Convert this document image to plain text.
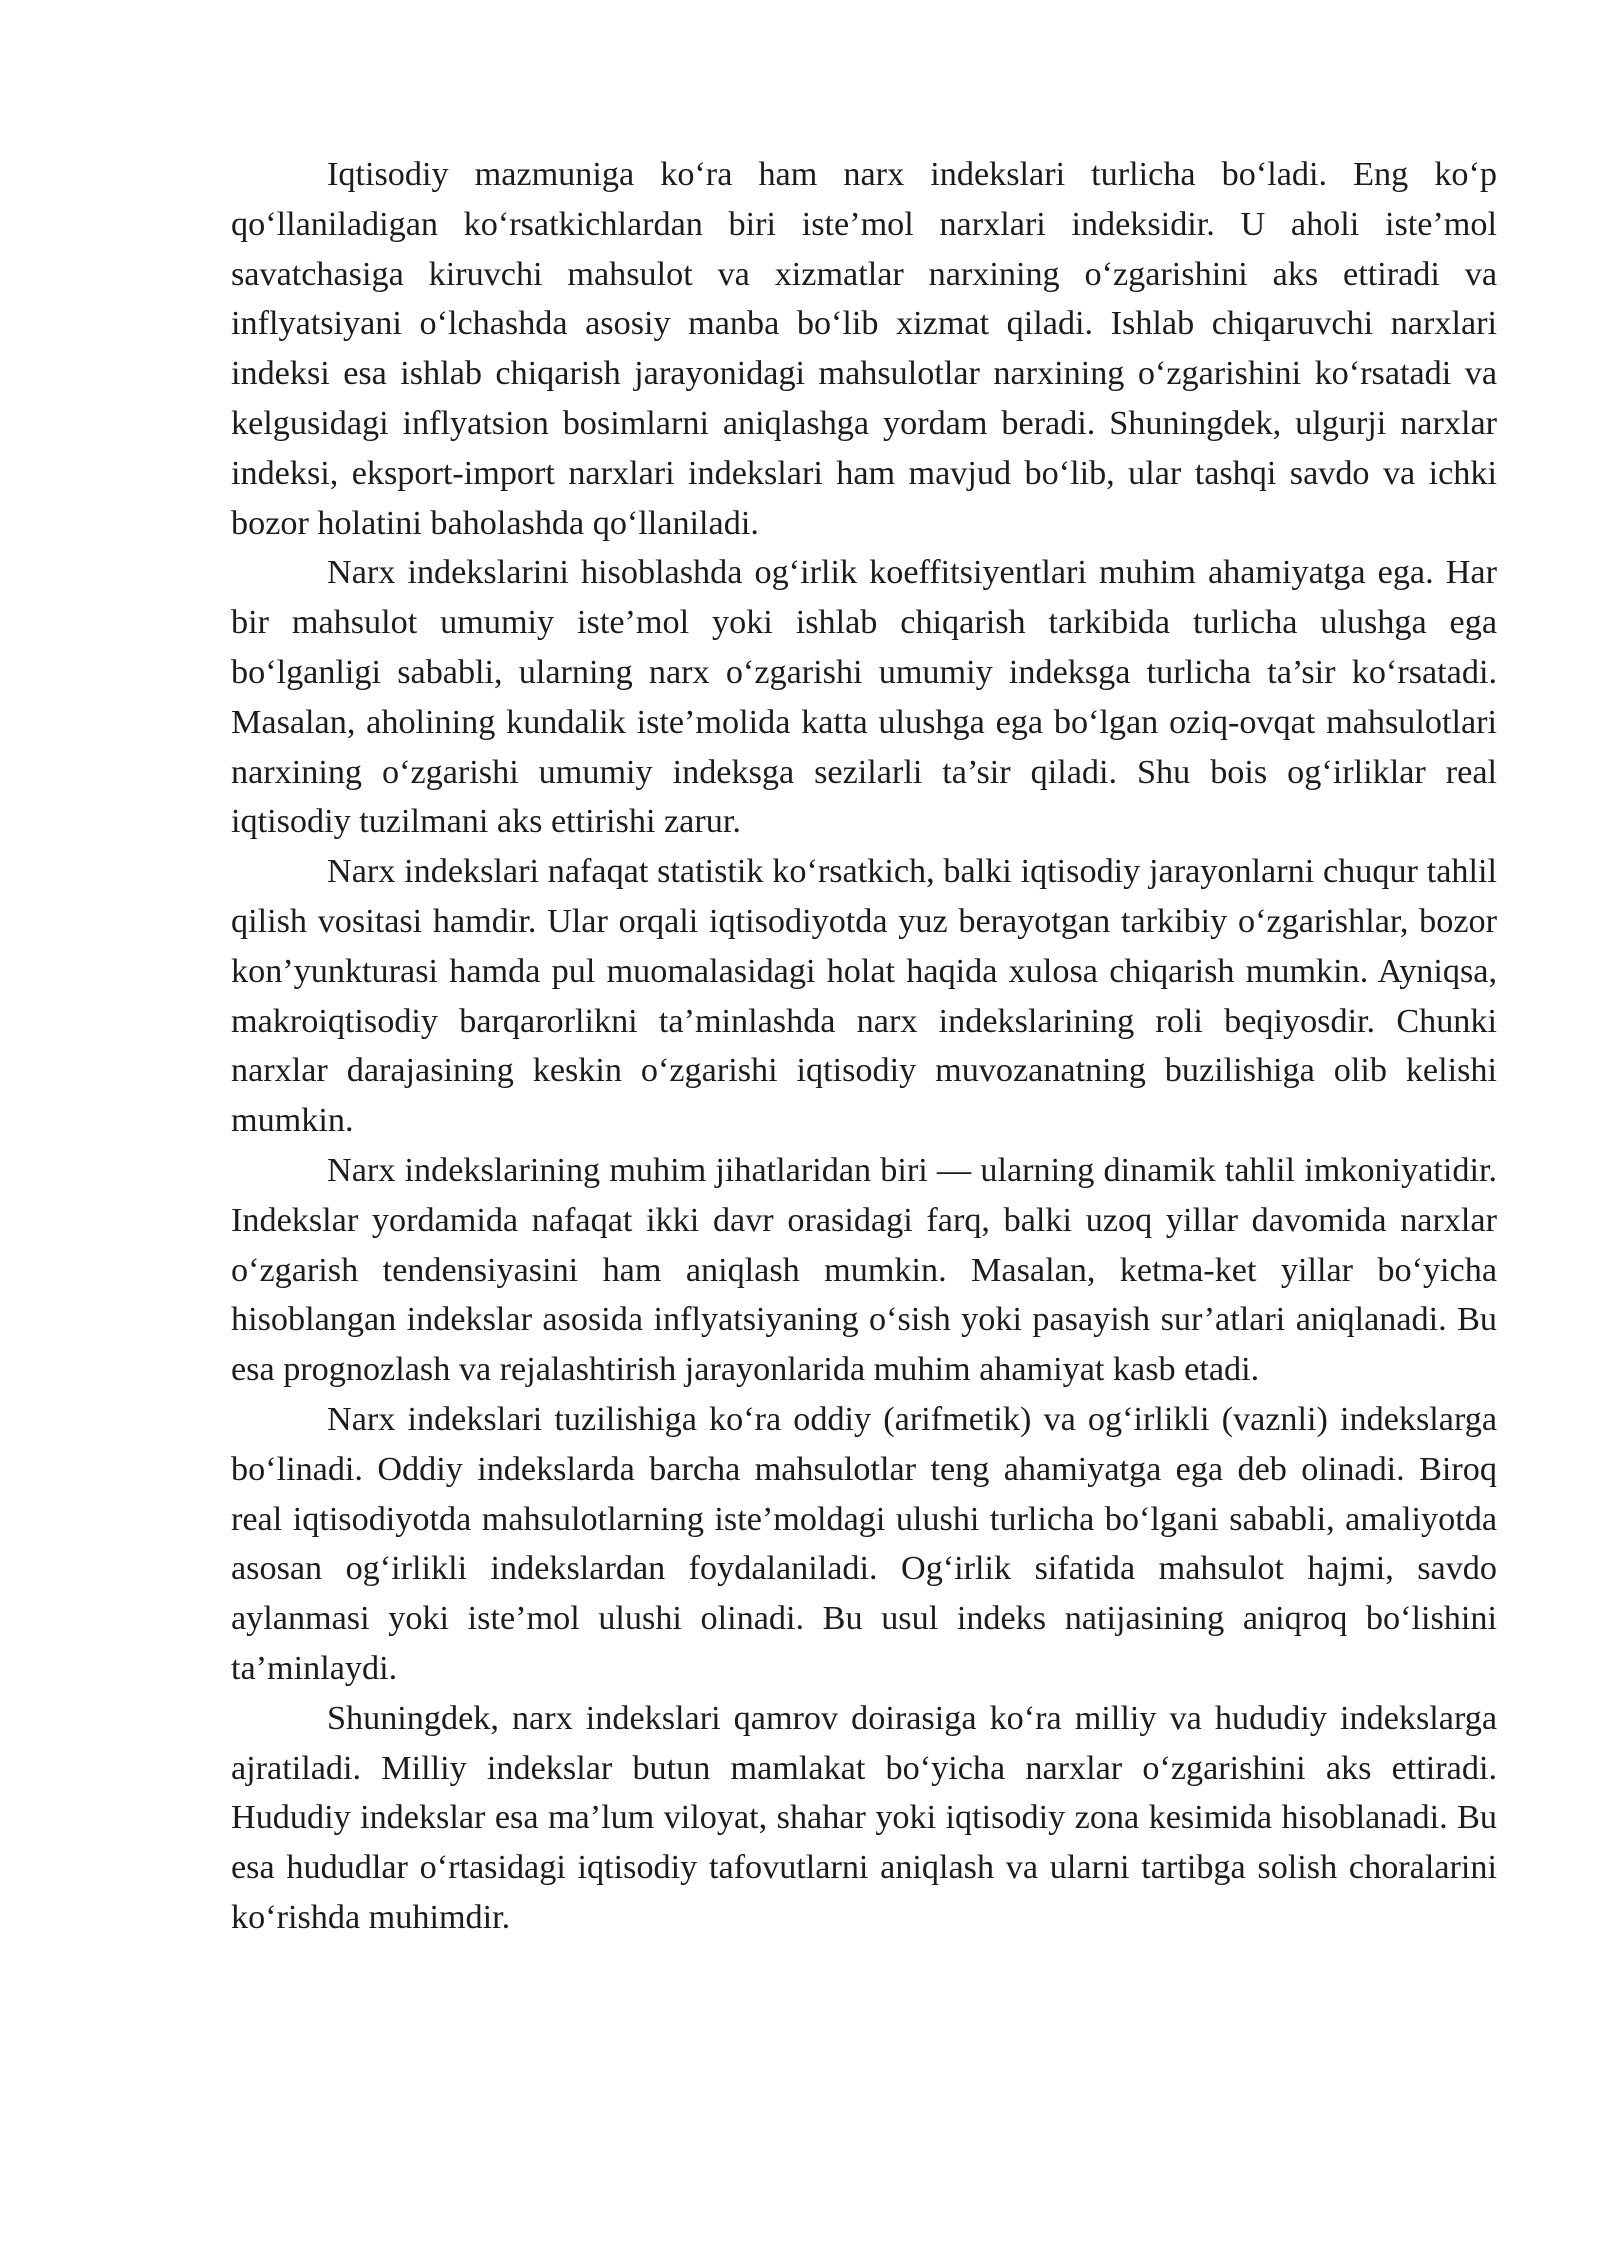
Iqtisodiy mazmuniga ko‘ra ham narx indekslari turlicha bo‘ladi. Eng ko‘p qo‘llaniladigan ko‘rsatkichlardan biri iste’mol narxlari indeksidir. U aholi iste’mol savatchasiga kiruvchi mahsulot va xizmatlar narxining o‘zgarishini aks ettiradi va inflyatsiyani o‘lchashda asosiy manba bo‘lib xizmat qiladi. Ishlab chiqaruvchi narxlari indeksi esa ishlab chiqarish jarayonidagi mahsulotlar narxining o‘zgarishini ko‘rsatadi va kelgusidagi inflyatsion bosimlarni aniqlashga yordam beradi. Shuningdek, ulgurji narxlar indeksi, eksport-import narxlari indekslari ham mavjud bo‘lib, ular tashqi savdo va ichki bozor holatini baholashda qo‘llaniladi.

Narx indekslarini hisoblashda og‘irlik koeffitsiyentlari muhim ahamiyatga ega. Har bir mahsulot umumiy iste’mol yoki ishlab chiqarish tarkibida turlicha ulushga ega bo‘lganligi sababli, ularning narx o‘zgarishi umumiy indeksga turlicha ta’sir ko‘rsatadi. Masalan, aholining kundalik iste’molida katta ulushga ega bo‘lgan oziq-ovqat mahsulotlari narxining o‘zgarishi umumiy indeksga sezilarli ta’sir qiladi. Shu bois og‘irliklar real iqtisodiy tuzilmani aks ettirishi zarur.

Narx indekslari nafaqat statistik ko‘rsatkich, balki iqtisodiy jarayonlarni chuqur tahlil qilish vositasi hamdir. Ular orqali iqtisodiyotda yuz berayotgan tarkibiy o‘zgarishlar, bozor kon’yunkturasi hamda pul muomalasidagi holat haqida xulosa chiqarish mumkin. Ayniqsa, makroiqtisodiy barqarorlikni ta’minlashda narx indekslarining roli beqiyosdir. Chunki narxlar darajasining keskin o‘zgarishi iqtisodiy muvozanatning buzilishiga olib kelishi mumkin.

Narx indekslarining muhim jihatlaridan biri — ularning dinamik tahlil imkoniyatidir. Indekslar yordamida nafaqat ikki davr orasidagi farq, balki uzoq yillar davomida narxlar o‘zgarish tendensiyasini ham aniqlash mumkin. Masalan, ketma-ket yillar bo‘yicha hisoblangan indekslar asosida inflyatsiyaning o‘sish yoki pasayish sur’atlari aniqlanadi. Bu esa prognozlash va rejalashtirish jarayonlarida muhim ahamiyat kasb etadi.

Narx indekslari tuzilishiga ko‘ra oddiy (arifmetik) va og‘irlikli (vaznli) indekslarga bo‘linadi. Oddiy indekslarda barcha mahsulotlar teng ahamiyatga ega deb olinadi. Biroq real iqtisodiyotda mahsulotlarning iste’moldagi ulushi turlicha bo‘lgani sababli, amaliyotda asosan og‘irlikli indekslardan foydalaniladi. Og‘irlik sifatida mahsulot hajmi, savdo aylanmasi yoki iste’mol ulushi olinadi. Bu usul indeks natijasining aniqroq bo‘lishini ta’minlaydi.

Shuningdek, narx indekslari qamrov doirasiga ko‘ra milliy va hududiy indekslarga ajratiladi. Milliy indekslar butun mamlakat bo‘yicha narxlar o‘zgarishini aks ettiradi. Hududiy indekslar esa ma’lum viloyat, shahar yoki iqtisodiy zona kesimida hisoblanadi. Bu esa hududlar o‘rtasidagi iqtisodiy tafovutlarni aniqlash va ularni tartibga solish choralarini ko‘rishda muhimdir.
